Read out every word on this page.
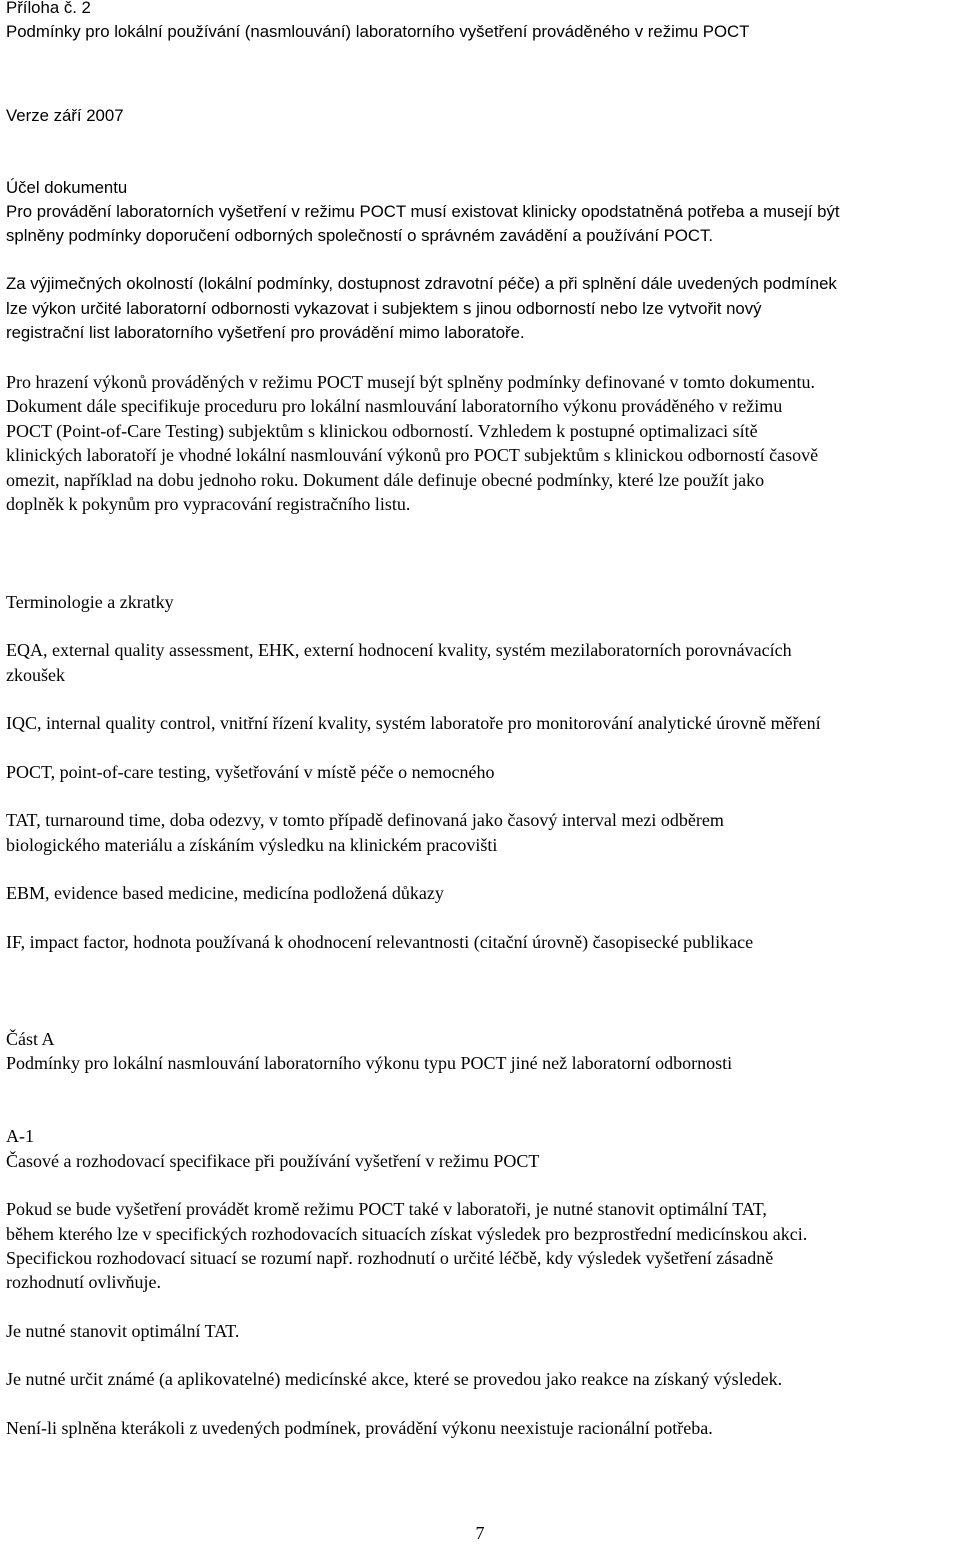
Příloha č. 2
Podmínky pro lokální používání (nasmlouvání) laboratorního vyšetření prováděného v režimu POCT
Verze září 2007
Účel dokumentu
Pro provádění laboratorních vyšetření v režimu POCT musí existovat klinicky opodstatněná potřeba a musejí být
splněny podmínky doporučení odborných společností o správném zavádění a používání POCT.
Za výjimečných okolností (lokální podmínky, dostupnost zdravotní péče) a při splnění dále uvedených podmínek
lze výkon určité laboratorní odbornosti vykazovat i subjektem s jinou odborností nebo lze vytvořit nový
registrační list laboratorního vyšetření pro provádění mimo laboratoře.
Pro hrazení výkonů prováděných v režimu POCT musejí být splněny podmínky definované v tomto dokumentu.
Dokument dále specifikuje proceduru pro lokální nasmlouvání laboratorního výkonu prováděného v režimu
POCT (Point-of-Care Testing) subjektům s klinickou odborností. Vzhledem k postupné optimalizaci sítě
klinických laboratoří je vhodné lokální nasmlouvání výkonů pro POCT subjektům s klinickou odborností časově
omezit, například na dobu jednoho roku. Dokument dále definuje obecné podmínky, které lze použít jako
doplněk k pokynům pro vypracování registračního listu.
Terminologie a zkratky
EQA, external quality assessment, EHK, externí hodnocení kvality, systém mezilaboratorních porovnávacích
zkoušek
IQC, internal quality control, vnitřní řízení kvality, systém laboratoře pro monitorování analytické úrovně měření
POCT, point-of-care testing, vyšetřování v místě péče o nemocného
TAT, turnaround time, doba odezvy, v tomto případě definovaná jako časový interval mezi odběrem
biologického materiálu a získáním výsledku na klinickém pracovišti
EBM, evidence based medicine, medicína podložená důkazy
IF, impact factor, hodnota používaná k ohodnocení relevantnosti (citační úrovně) časopisecké publikace
Část A
Podmínky pro lokální nasmlouvání laboratorního výkonu typu POCT jiné než laboratorní odbornosti
A-1
Časové a rozhodovací specifikace při používání vyšetření v režimu POCT
Pokud se bude vyšetření provádět kromě režimu POCT také v laboratoři, je nutné stanovit optimální TAT,
během kterého lze v specifických rozhodovacích situacích získat výsledek pro bezprostřední medicínskou akci.
Specifickou rozhodovací situací se rozumí např. rozhodnutí o určité léčbě, kdy výsledek vyšetření zásadně
rozhodnutí ovlivňuje.
Je nutné stanovit optimální TAT.
Je nutné určit známé (a aplikovatelné) medicínské akce, které se provedou jako reakce na získaný výsledek.
Není-li splněna kterákoli z uvedených podmínek, provádění výkonu neexistuje racionální potřeba.
7
